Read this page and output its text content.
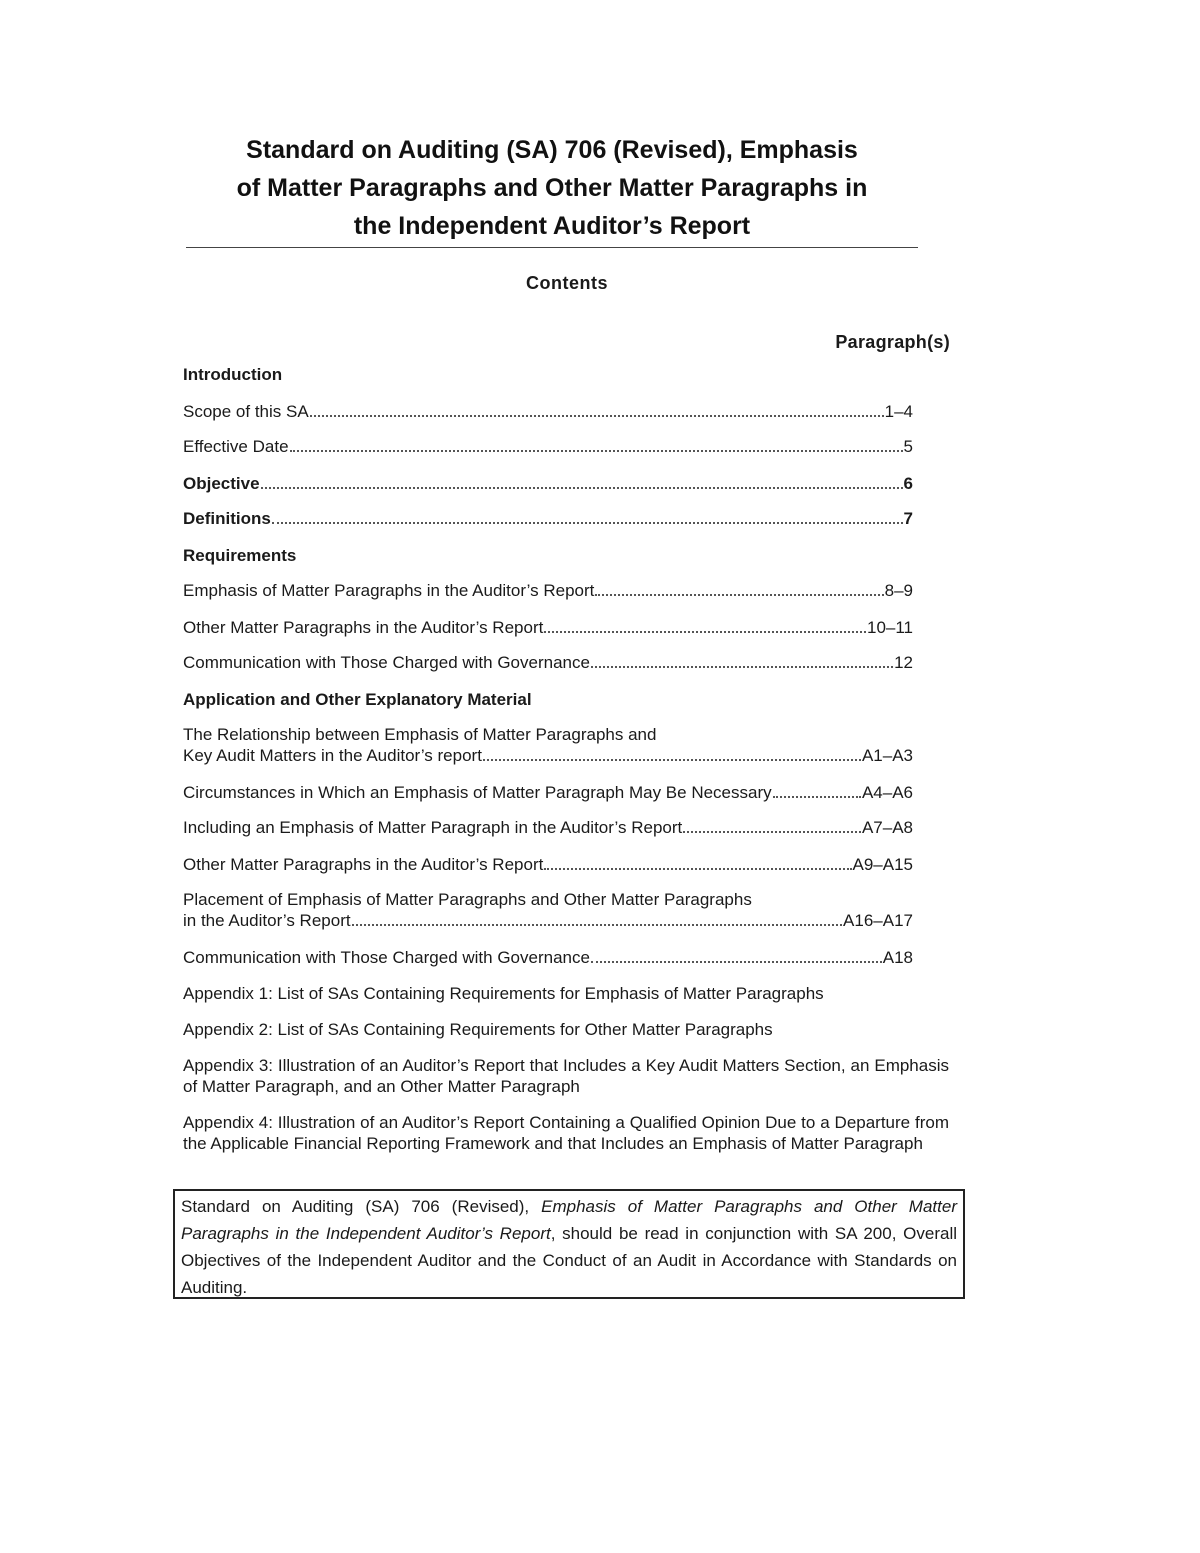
Standard on Auditing (SA) 706 (Revised), Emphasis
of Matter Paragraphs and Other Matter Paragraphs in
the Independent Auditor’s Report
Contents
Paragraph(s)
Introduction
Scope of this SA	1–4
Effective Date	5
Objective	6
Definitions	7
Requirements
Emphasis of Matter Paragraphs in the Auditor’s Report	8–9
Other Matter Paragraphs in the Auditor’s Report	10–11
Communication with Those Charged with Governance	12
Application and Other Explanatory Material
The Relationship between Emphasis of Matter Paragraphs and
Key Audit Matters in the Auditor’s report	A1–A3
Circumstances in Which an Emphasis of Matter Paragraph May Be Necessary	A4–A6
Including an Emphasis of Matter Paragraph in the Auditor’s Report	A7–A8
Other Matter Paragraphs in the Auditor’s Report	A9–A15
Placement of Emphasis of Matter Paragraphs and Other Matter Paragraphs
in the Auditor’s Report	A16–A17
Communication with Those Charged with Governance	A18
Appendix 1: List of SAs Containing Requirements for Emphasis of Matter Paragraphs
Appendix 2: List of SAs Containing Requirements for Other Matter Paragraphs
Appendix 3: Illustration of an Auditor’s Report that Includes a Key Audit Matters Section, an Emphasis of Matter Paragraph, and an Other Matter Paragraph
Appendix 4: Illustration of an Auditor’s Report Containing a Qualified Opinion Due to a Departure from the Applicable Financial Reporting Framework and that Includes an Emphasis of Matter Paragraph
Standard on Auditing (SA) 706 (Revised), Emphasis of Matter Paragraphs and Other Matter Paragraphs in the Independent Auditor’s Report, should be read in conjunction with SA 200, Overall Objectives of the Independent Auditor and the Conduct of an Audit in Accordance with Standards on Auditing.
